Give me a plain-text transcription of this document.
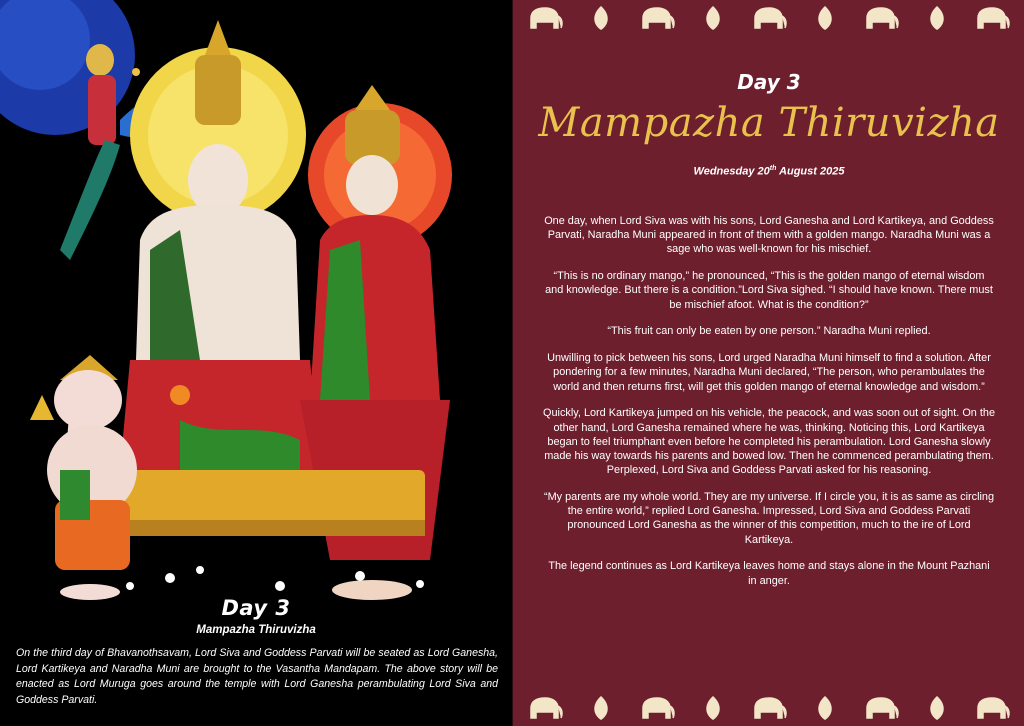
Day 3
Mampazha Thiruvizha

On the third day of Bhavanothsavam, Lord Siva and Goddess Parvati will be seated as Lord Ganesha, Lord Kartikeya and Naradha Muni are brought to the Vasantha Mandapam. The above story will be enacted as Lord Muruga goes around the temple with Lord Ganesha perambulating Lord Siva and Goddess Parvati.

Day 3
Mampazha Thiruvizha
Wednesday 20th August 2025

One day, when Lord Siva was with his sons, Lord Ganesha and Lord Kartikeya, and Goddess Parvati, Naradha Muni appeared in front of them with a golden mango. Naradha Muni was a sage who was well-known for his mischief.

“This is no ordinary mango,” he pronounced, “This is the golden mango of eternal wisdom and knowledge. But there is a condition.”Lord Siva sighed. “I should have known. There must be mischief afoot. What is the condition?”

“This fruit can only be eaten by one person.” Naradha Muni replied.

Unwilling to pick between his sons, Lord urged Naradha Muni himself to find a solution. After pondering for a few minutes, Naradha Muni declared, “The person, who perambulates the world and then returns first, will get this golden mango of eternal knowledge and wisdom.”

Quickly, Lord Kartikeya jumped on his vehicle, the peacock, and was soon out of sight. On the other hand, Lord Ganesha remained where he was, thinking. Noticing this, Lord Kartikeya began to feel triumphant even before he completed his perambulation. Lord Ganesha slowly made his way towards his parents and bowed low. Then he commenced perambulating them. Perplexed, Lord Siva and Goddess Parvati asked for his reasoning.

“My parents are my whole world. They are my universe. If I circle you, it is as same as circling the entire world,” replied Lord Ganesha. Impressed, Lord Siva and Goddess Parvati pronounced Lord Ganesha as the winner of this competition, much to the ire of Lord Kartikeya.

The legend continues as Lord Kartikeya leaves home and stays alone in the Mount Pazhani in anger.
